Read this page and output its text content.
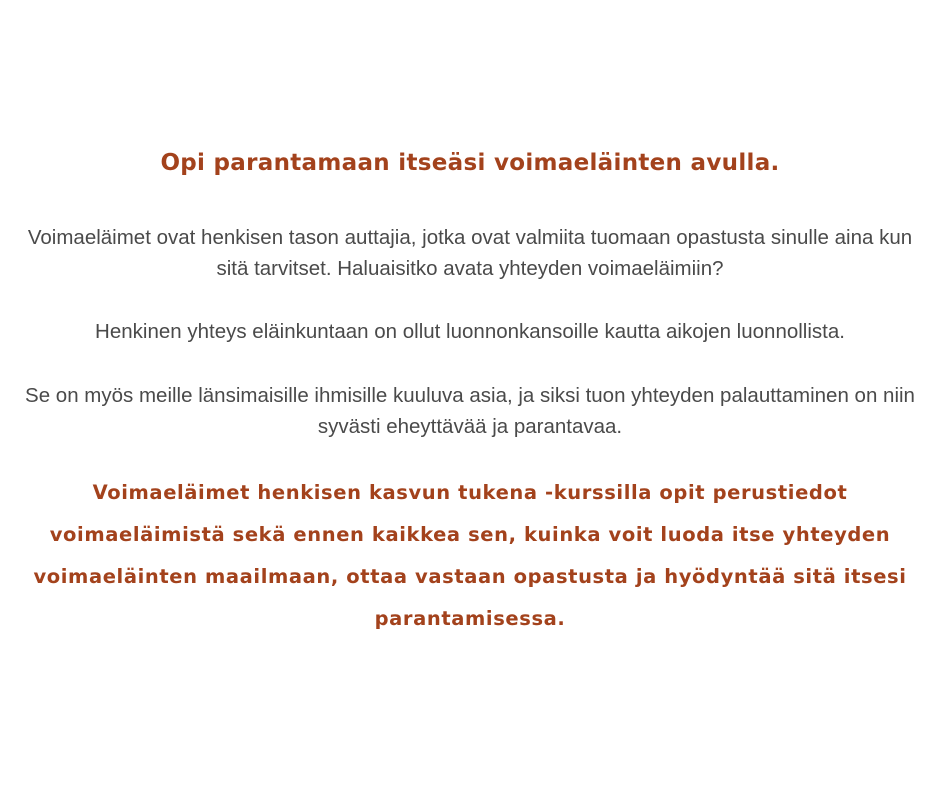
Opi parantamaan itseäsi voimaeläinten avulla.

Voimaeläimet ovat henkisen tason auttajia, jotka ovat valmiita tuomaan opastusta sinulle aina kun sitä tarvitset. Haluaisitko avata yhteyden voimaeläimiin?

Henkinen yhteys eläinkuntaan on ollut luonnonkansoille kautta aikojen luonnollista.

Se on myös meille länsimaisille ihmisille kuuluva asia, ja siksi tuon yhteyden palauttaminen on niin syvästi eheyttävää ja parantavaa.

Voimaeläimet henkisen kasvun tukena -kurssilla opit perustiedot voimaeläimistä sekä ennen kaikkea sen, kuinka voit luoda itse yhteyden voimaeläinten maailmaan, ottaa vastaan opastusta ja hyödyntää sitä itsesi parantamisessa.
